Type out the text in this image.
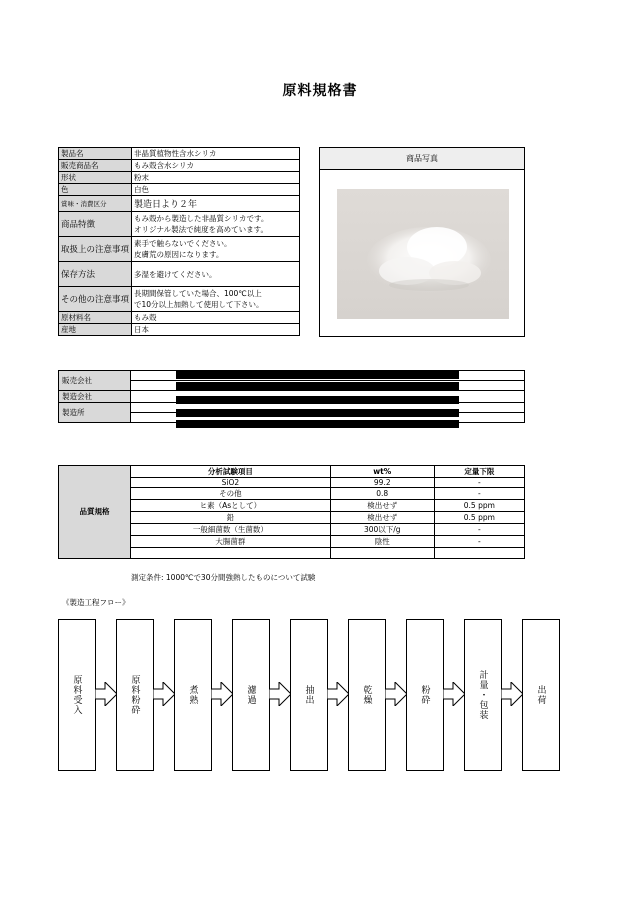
原料規格書
製品名	非晶質植物性含水シリカ
販売商品名	もみ殻含水シリカ
形状	粉末
色	白色
賞味・消費区分	製造日より２年
商品特徴	もみ殻から製造した非晶質シリカです。
オリジナル製法で純度を高めています。

取扱上の注意事項	素手で触らないでください。
皮膚荒の原因になります。

保存方法	多湿を避けてください。
その他の注意事項	長期間保管していた場合、100℃以上
で10分以上加熱して使用して下さい。

原材料名	もみ殻
産地	日本
商品写真
販売会社	

製造会社	
製造所	

品質規格	分析試験項目	wt%	定量下限
	SiO2	99.2	-
	その他	0.8	-
	ヒ素（Asとして）	検出せず	0.5 ppm
	鉛	検出せず	0.5 ppm
	一般細菌数（生菌数）	300以下/g	-
	大腸菌群	陰性	-

測定条件: 1000℃で30分間強熱したものについて試験
《製造工程フロー》
原料受入	原料粉砕	煮熟	濾過	抽出	乾燥	粉砕	計量・包装	出荷
